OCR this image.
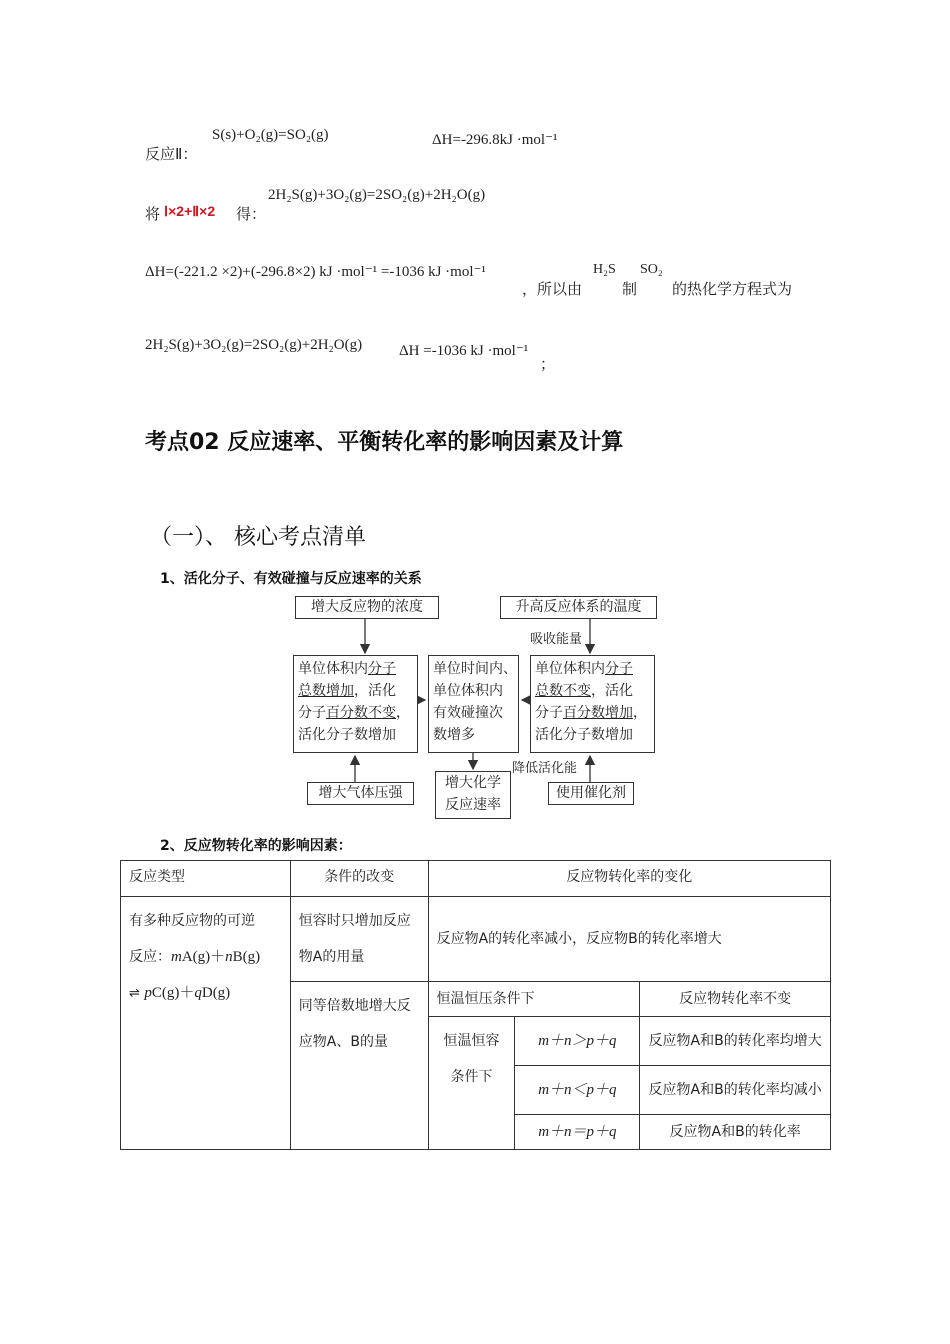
反应Ⅱ：
S(s)+O₂(g)=SO₂(g)	ΔH=-296.8kJ ·mol⁻¹
将 Ⅰ×2+Ⅱ×2 得：
2H₂S(g)+3O₂(g)=2SO₂(g)+2H₂O(g)
ΔH=(-221.2 ×2)+(-296.8×2) kJ ·mol⁻¹ =-1036 kJ ·mol⁻¹
，所以由
H₂S
制
SO₂
的热化学方程式为
2H₂S(g)+3O₂(g)=2SO₂(g)+2H₂O(g) ΔH =-1036 kJ ·mol⁻¹
；
考点02 反应速率、平衡转化率的影响因素及计算
（一）、 核心考点清单
1、活化分子、有效碰撞与反应速率的关系
增大反应物的浓度	升高反应体系的温度
吸收能量
单位体积内分子
总数增加，活化
分子百分数不变，
活化分子数增加
单位时间内、
单位体积内
有效碰撞次
数增多
单位体积内分子
总数不变，活化
分子百分数增加，
活化分子数增加
降低活化能
增大气体压强
增大化学
反应速率
使用催化剂
2、反应物转化率的影响因素：
反应类型	条件的改变	反应物转化率的变化		

有多种反应物的可逆
反应：mA(g)＋nB(g)
⇌ pC(g)＋qD(g)	恒容时只增加反应物A的用量	反应物A的转化率减小，反应物B的转化率增大		
	同等倍数地增大反应物A、B的量	恒温恒压条件下		反应物转化率不变
		恒温恒容条件下	m＋n＞p＋q	反应物A和B的转化率均增大
			m＋n＜p＋q	反应物A和B的转化率均减小
			m＋n＝p＋q	反应物A和B的转化率
